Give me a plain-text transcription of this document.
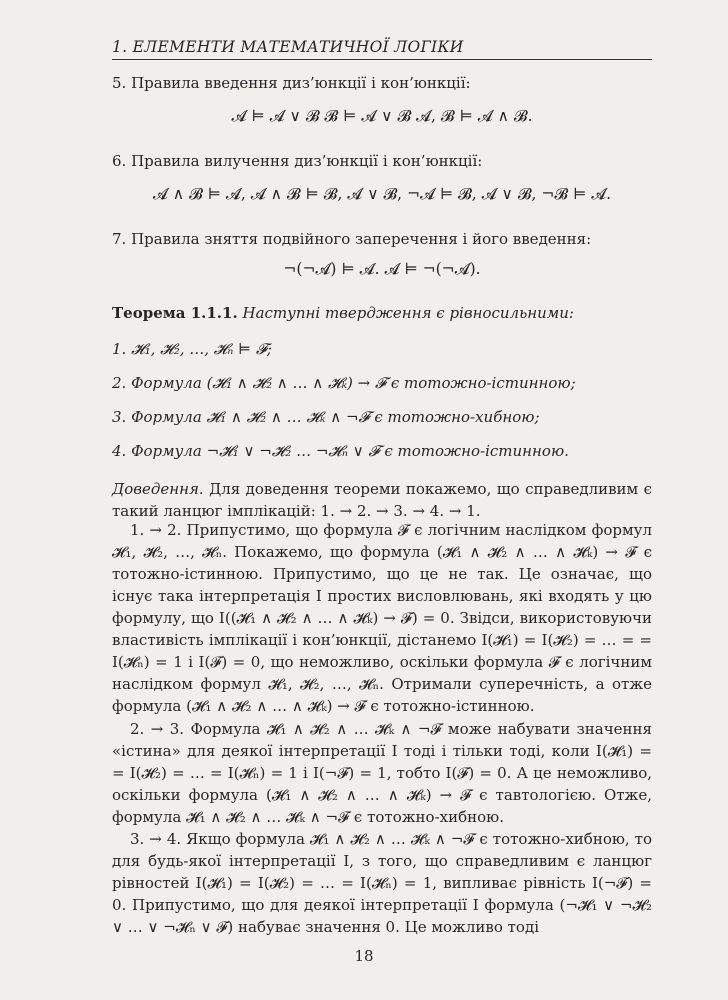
1. ЕЛЕМЕНТИ МАТЕМАТИЧНОЇ ЛОГІКИ
5. Правила введення диз’юнкції і кон’юнкції:
𝓐 ⊨ 𝓐 ∨ 𝓑 𝓑 ⊨ 𝓐 ∨ 𝓑 𝓐, 𝓑 ⊨ 𝓐 ∧ 𝓑.
6. Правила вилучення диз’юнкції і кон’юнкції:
𝓐 ∧ 𝓑 ⊨ 𝓐, 𝓐 ∧ 𝓑 ⊨ 𝓑, 𝓐 ∨ 𝓑, ¬𝓐 ⊨ 𝓑, 𝓐 ∨ 𝓑, ¬𝓑 ⊨ 𝓐.
7. Правила зняття подвійного заперечення і його введення:
¬(¬𝓐) ⊨ 𝓐. 𝓐 ⊨ ¬(¬𝓐).
Теорема 1.1.1. Наступні твердження є рівносильними:
1. 𝓗₁, 𝓗₂, …, 𝓗ₙ ⊨ 𝓕;
2. Формула (𝓗₁ ∧ 𝓗₂ ∧ … ∧ 𝓗ₖ) → 𝓕 є тотожно-істинною;
3. Формула 𝓗₁ ∧ 𝓗₂ ∧ … 𝓗ₖ ∧ ¬𝓕 є тотожно-хибною;
4. Формула ¬𝓗₁ ∨ ¬𝓗₂ … ¬𝓗ₙ ∨ 𝓕 є тотожно-істинною.
Доведення. Для доведення теореми покажемо, що справедливим є такий ланцюг імплікацій: 1. → 2. → 3. → 4. → 1.
1. → 2. Припустимо, що формула 𝓕 є логічним наслідком формул 𝓗₁, 𝓗₂, …, 𝓗ₙ. Покажемо, що формула (𝓗₁ ∧ 𝓗₂ ∧ … ∧ 𝓗ₖ) → 𝓕 є тотожно-істинною. Припустимо, що це не так. Це означає, що існує така інтерпретація I простих висловлювань, які входять у цю формулу, що I((𝓗₁ ∧ 𝓗₂ ∧ … ∧ 𝓗ₖ) → 𝓕) = 0. Звідси, використовуючи властивість імплікації і кон’юнкції, дістанемо I(𝓗₁) = I(𝓗₂) = … = = I(𝓗ₙ) = 1 і I(𝓕) = 0, що неможливо, оскільки формула 𝓕 є логічним наслідком формул 𝓗₁, 𝓗₂, …, 𝓗ₙ. Отримали суперечність, а отже формула (𝓗₁ ∧ 𝓗₂ ∧ … ∧ 𝓗ₖ) → 𝓕 є тотожно-істинною.
2. → 3. Формула 𝓗₁ ∧ 𝓗₂ ∧ … 𝓗ₖ ∧ ¬𝓕 може набувати значення «істина» для деякої інтерпретації I тоді і тільки тоді, коли I(𝓗₁) = = I(𝓗₂) = … = I(𝓗ₙ) = 1 і I(¬𝓕) = 1, тобто I(𝓕) = 0. А це неможливо, оскільки формула (𝓗₁ ∧ 𝓗₂ ∧ … ∧ 𝓗ₖ) → 𝓕 є тавтологією. Отже, формула 𝓗₁ ∧ 𝓗₂ ∧ … 𝓗ₖ ∧ ¬𝓕 є тотожно-хибною.
3. → 4. Якщо формула 𝓗₁ ∧ 𝓗₂ ∧ … 𝓗ₖ ∧ ¬𝓕 є тотожно-хибною, то для будь-якої інтерпретації I, з того, що справедливим є ланцюг рівностей I(𝓗₁) = I(𝓗₂) = … = I(𝓗ₙ) = 1, випливає рівність I(¬𝓕) = 0. Припустимо, що для деякої інтерпретації I формула (¬𝓗₁ ∨ ¬𝓗₂ ∨ … ∨ ¬𝓗ₙ ∨ 𝓕) набуває значення 0. Це можливо тоді
18
